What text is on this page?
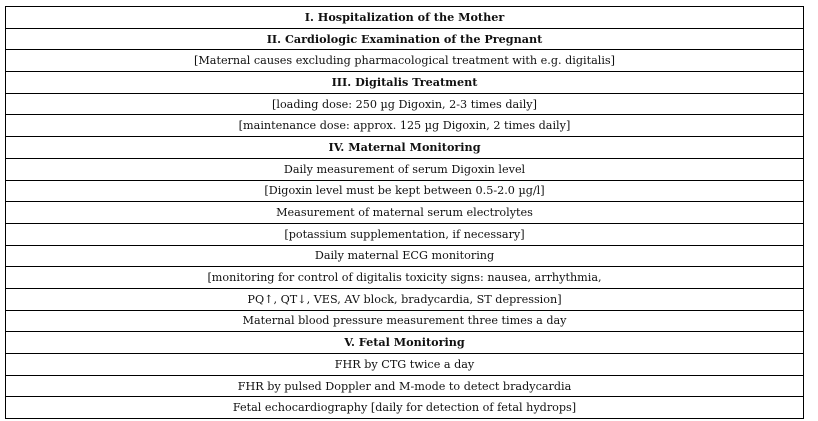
I. Hospitalization of the Mother
II. Cardiologic Examination of the Pregnant
[Maternal causes excluding pharmacological treatment with e.g. digitalis]
III. Digitalis Treatment
[loading dose: 250 µg Digoxin, 2-3 times daily]
[maintenance dose: approx. 125 µg Digoxin, 2 times daily]
IV. Maternal Monitoring
Daily measurement of serum Digoxin level
[Digoxin level must be kept between 0.5-2.0 µg/l]
Measurement of maternal serum electrolytes
[potassium supplementation, if necessary]
Daily maternal ECG monitoring
[monitoring for control of digitalis toxicity signs: nausea, arrhythmia,
PQ↑, QT↓, VES, AV block, bradycardia, ST depression]
Maternal blood pressure measurement three times a day
V. Fetal Monitoring
FHR by CTG twice a day
FHR by pulsed Doppler and M-mode to detect bradycardia
Fetal echocardiography [daily for detection of fetal hydrops]
